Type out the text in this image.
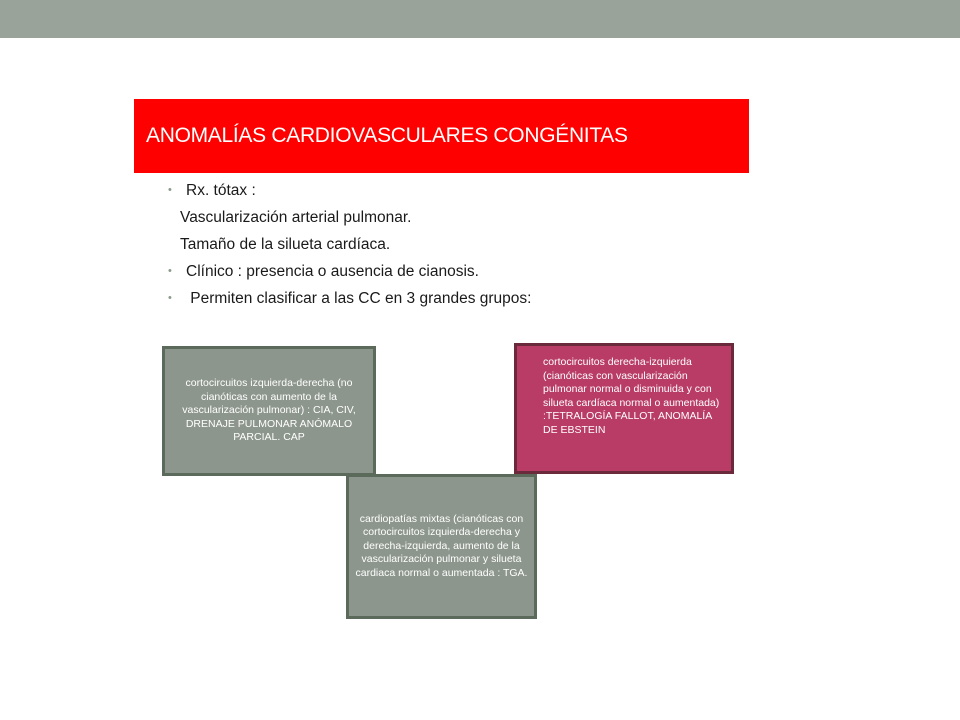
ANOMALÍAS CARDIOVASCULARES CONGÉNITAS
• Rx. tótax :
Vascularización arterial pulmonar.
Tamaño de la silueta cardíaca.
• Clínico : presencia o ausencia de cianosis.
• Permiten clasificar a las CC en 3 grandes grupos:
cortocircuitos izquierda-derecha (no cianóticas con aumento de la vascularización pulmonar) : CIA, CIV, DRENAJE PULMONAR ANÓMALO PARCIAL. CAP
cortocircuitos derecha-izquierda (cianóticas con vascularización pulmonar normal o disminuida y con silueta cardíaca normal o aumentada) :TETRALOGÍA FALLOT, ANOMALÍA DE EBSTEIN
cardiopatías mixtas (cianóticas con cortocircuitos izquierda-derecha y derecha-izquierda, aumento de la vascularización pulmonar y silueta cardiaca normal o aumentada : TGA.
